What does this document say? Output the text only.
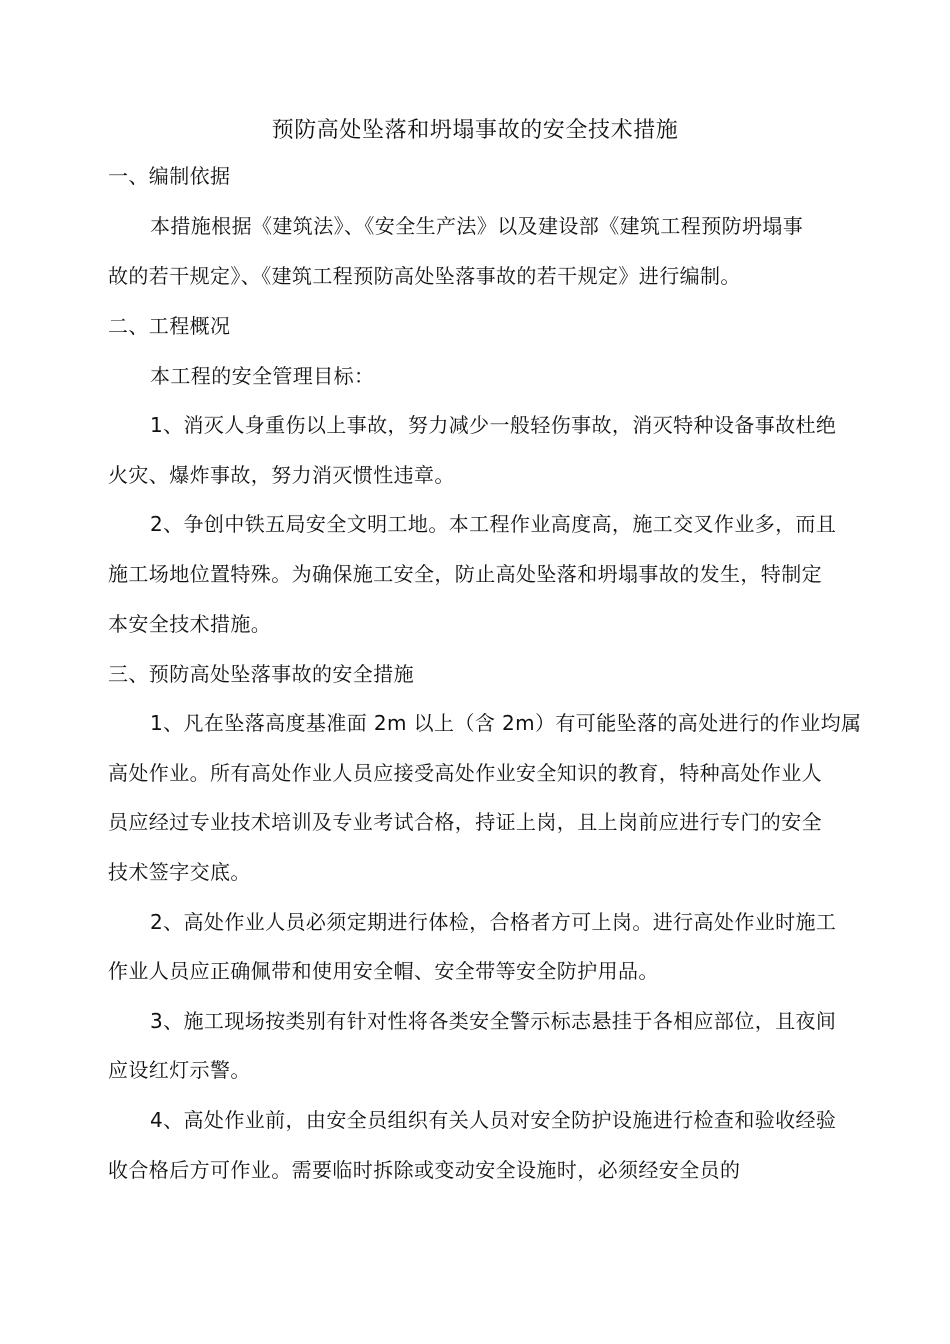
预防高处坠落和坍塌事故的安全技术措施
一、编制依据
本措施根据《建筑法》、《安全生产法》以及建设部《建筑工程预防坍塌事
故的若干规定》、《建筑工程预防高处坠落事故的若干规定》进行编制。
二、工程概况
本工程的安全管理目标：
1、消灭人身重伤以上事故，努力减少一般轻伤事故，消灭特种设备事故杜绝
火灾、爆炸事故，努力消灭惯性违章。
2、争创中铁五局安全文明工地。本工程作业高度高，施工交叉作业多，而且
施工场地位置特殊。为确保施工安全，防止高处坠落和坍塌事故的发生，特制定
本安全技术措施。
三、预防高处坠落事故的安全措施
1、凡在坠落高度基准面 2m 以上（含 2m）有可能坠落的高处进行的作业均属
高处作业。所有高处作业人员应接受高处作业安全知识的教育，特种高处作业人
员应经过专业技术培训及专业考试合格，持证上岗，且上岗前应进行专门的安全
技术签字交底。
2、高处作业人员必须定期进行体检，合格者方可上岗。进行高处作业时施工
作业人员应正确佩带和使用安全帽、安全带等安全防护用品。
3、施工现场按类别有针对性将各类安全警示标志悬挂于各相应部位，且夜间
应设红灯示警。
4、高处作业前，由安全员组织有关人员对安全防护设施进行检查和验收经验
收合格后方可作业。需要临时拆除或变动安全设施时，必须经安全员的
